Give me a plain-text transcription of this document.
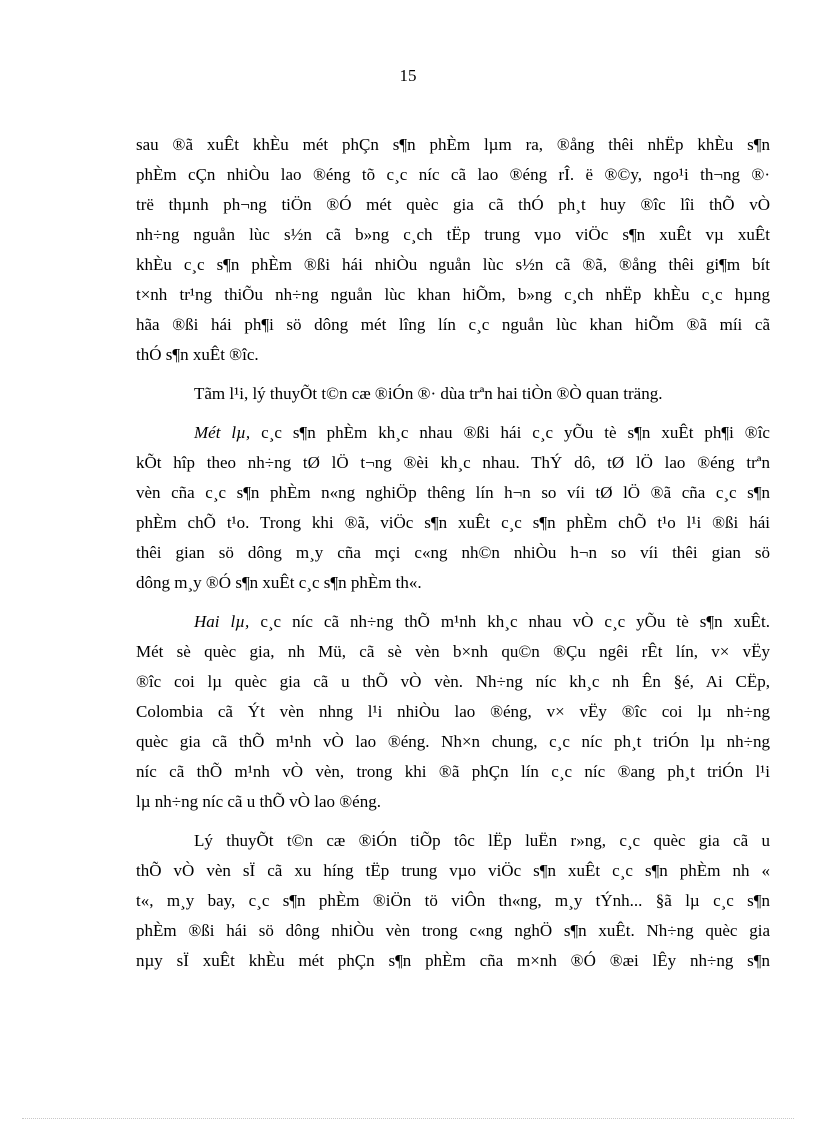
15
sau ®ã xuÊt khÈu mét phÇn s¶n phÈm lµm ra, ®ång thêi nhËp khÈu s¶n
phÈm cÇn nhiÒu lao ®éng tõ c¸c níc cã lao ®éng rÎ. ë ®©y, ngo¹i th¬ng ®·
trë thµnh ph¬ng tiÖn ®Ó mét quèc gia cã thÓ ph¸t huy ®îc lîi thÕ vÒ
nh÷ng nguån lùc s½n cã b»ng c¸ch tËp trung vµo viÖc s¶n xuÊt vµ xuÊt
khÈu c¸c s¶n phÈm ®ßi hái nhiÒu nguån lùc s½n cã ®ã, ®ång thêi gi¶m bít
t×nh tr¹ng thiÕu nh÷ng nguån lùc khan hiÕm, b»ng c¸ch nhËp khÈu c¸c hµng
hãa ®ßi hái ph¶i sö dông mét lîng lín c¸c nguån lùc khan hiÕm ®ã míi cã
thÓ s¶n xuÊt ®îc.
Tãm l¹i, lý thuyÕt t©n cæ ®iÓn ®· dùa trªn hai tiÒn ®Ò quan träng.
Mét lµ, c¸c s¶n phÈm kh¸c nhau ®ßi hái c¸c yÕu tè s¶n xuÊt ph¶i ®îc
kÕt hîp theo nh÷ng tØ lÖ t¬ng ®èi kh¸c nhau. ThÝ dô, tØ lÖ lao ®éng trªn
vèn cña c¸c s¶n phÈm n«ng nghiÖp thêng lín h¬n so víi tØ lÖ ®ã cña c¸c s¶n
phÈm chÕ t¹o. Trong khi ®ã, viÖc s¶n xuÊt c¸c s¶n phÈm chÕ t¹o l¹i ®ßi hái
thêi gian sö dông m¸y cña mçi c«ng nh©n nhiÒu h¬n so víi thêi gian sö
dông m¸y ®Ó s¶n xuÊt c¸c s¶n phÈm th«.
Hai lµ, c¸c níc cã nh÷ng thÕ m¹nh kh¸c nhau vÒ c¸c yÕu tè s¶n xuÊt.
Mét sè quèc gia, nh Mü, cã sè vèn b×nh qu©n ®Çu ngêi rÊt lín, v× vËy
®îc coi lµ quèc gia cã u thÕ vÒ vèn. Nh÷ng níc kh¸c nh Ên §é, Ai CËp,
Colombia cã Ýt vèn nhng l¹i nhiÒu lao ®éng, v× vËy ®îc coi lµ nh÷ng
quèc gia cã thÕ m¹nh vÒ lao ®éng. Nh×n chung, c¸c níc ph¸t triÓn lµ nh÷ng
níc cã thÕ m¹nh vÒ vèn, trong khi ®ã phÇn lín c¸c níc ®ang ph¸t triÓn l¹i
lµ nh÷ng níc cã u thÕ vÒ lao ®éng.
Lý thuyÕt t©n cæ ®iÓn tiÕp tôc lËp luËn r»ng, c¸c quèc gia cã u
thÕ vÒ vèn sÏ cã xu híng tËp trung vµo viÖc s¶n xuÊt c¸c s¶n phÈm nh «
t«, m¸y bay, c¸c s¶n phÈm ®iÖn tö viÔn th«ng, m¸y tÝnh... §ã lµ c¸c s¶n
phÈm ®ßi hái sö dông nhiÒu vèn trong c«ng nghÖ s¶n xuÊt. Nh÷ng quèc gia
nµy sÏ xuÊt khÈu mét phÇn s¶n phÈm cña m×nh ®Ó ®æi lÊy nh÷ng s¶n
